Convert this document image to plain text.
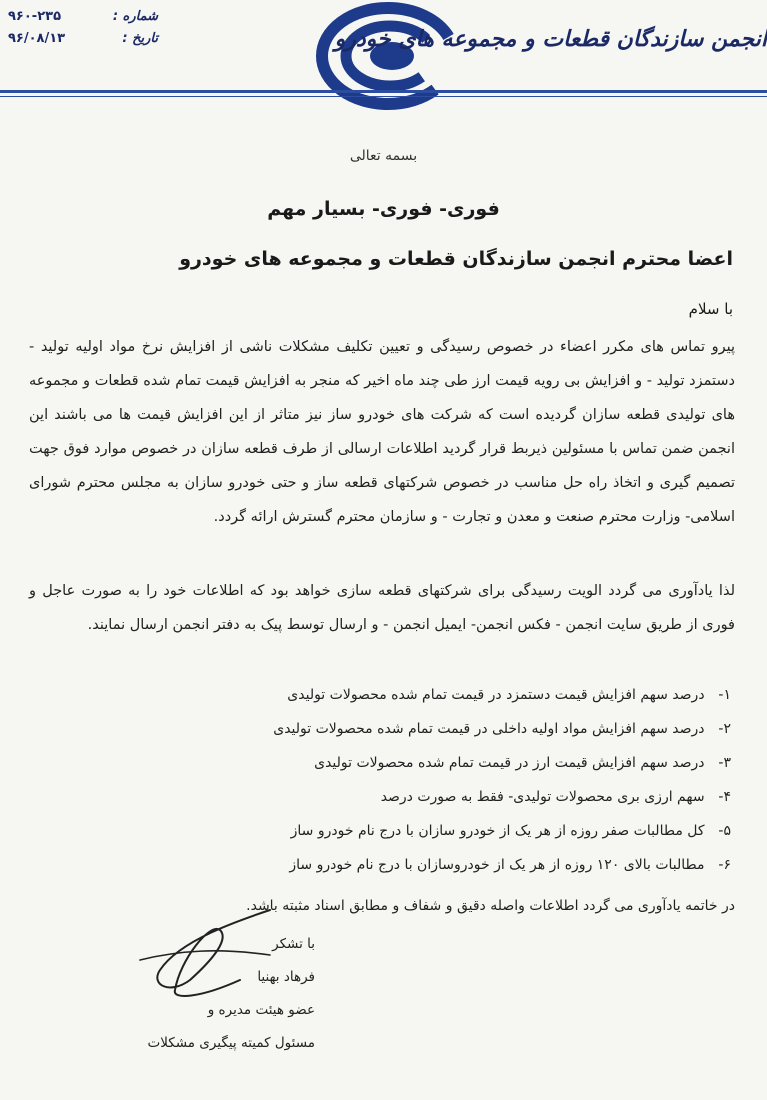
شماره :
۹۶۰-۲۳۵
تاریخ :
۹۶/۰۸/۱۳	انجمن سازندگان قطعات و مجموعه های خودرو
بسمه تعالی
فوری- فوری- بسیار مهم
اعضا محترم انجمن سازندگان قطعات و مجموعه های خودرو
با سلام
پیرو تماس های مکرر اعضاء در خصوص رسیدگی و تعیین تکلیف مشکلات ناشی از افزایش نرخ مواد اولیه تولید - دستمزد تولید - و افزایش بی رویه قیمت ارز طی چند ماه اخیر که منجر به افزایش قیمت تمام شده قطعات و مجموعه های تولیدی قطعه سازان گردیده است که شرکت های خودرو ساز نیز متاثر از این افزایش قیمت ها می باشند این انجمن ضمن تماس با مسئولین ذیربط قرار گردید اطلاعات ارسالی از طرف قطعه سازان در خصوص موارد فوق جهت تصمیم گیری و اتخاذ راه حل مناسب در خصوص شرکتهای قطعه ساز و حتی خودرو سازان به مجلس محترم شورای اسلامی- وزارت محترم صنعت و معدن و تجارت - و سازمان محترم گسترش ارائه گردد.
لذا یادآوری می گردد الویت رسیدگی برای شرکتهای قطعه سازی خواهد بود که اطلاعات خود را به صورت عاجل و فوری از طریق سایت انجمن - فکس انجمن- ایمیل انجمن - و ارسال توسط پیک به دفتر انجمن ارسال نمایند.
۱- درصد سهم افزایش قیمت دستمزد در قیمت تمام شده محصولات تولیدی
۲- درصد سهم افزایش مواد اولیه داخلی در قیمت تمام شده محصولات تولیدی
۳- درصد سهم افزایش قیمت ارز در قیمت تمام شده محصولات تولیدی
۴- سهم ارزی بری محصولات تولیدی- فقط به صورت درصد
۵- کل مطالبات صفر روزه از هر یک از خودرو سازان با درج نام خودرو ساز
۶- مطالبات بالای ۱۲۰ روزه از هر یک از خودروسازان با درج نام خودرو ساز
در خاتمه یادآوری می گردد اطلاعات واصله دقیق و شفاف و مطابق اسناد مثبته باشد.
با تشکر
فرهاد بهنیا
عضو هیئت مدیره و
مسئول کمیته پیگیری مشکلات
